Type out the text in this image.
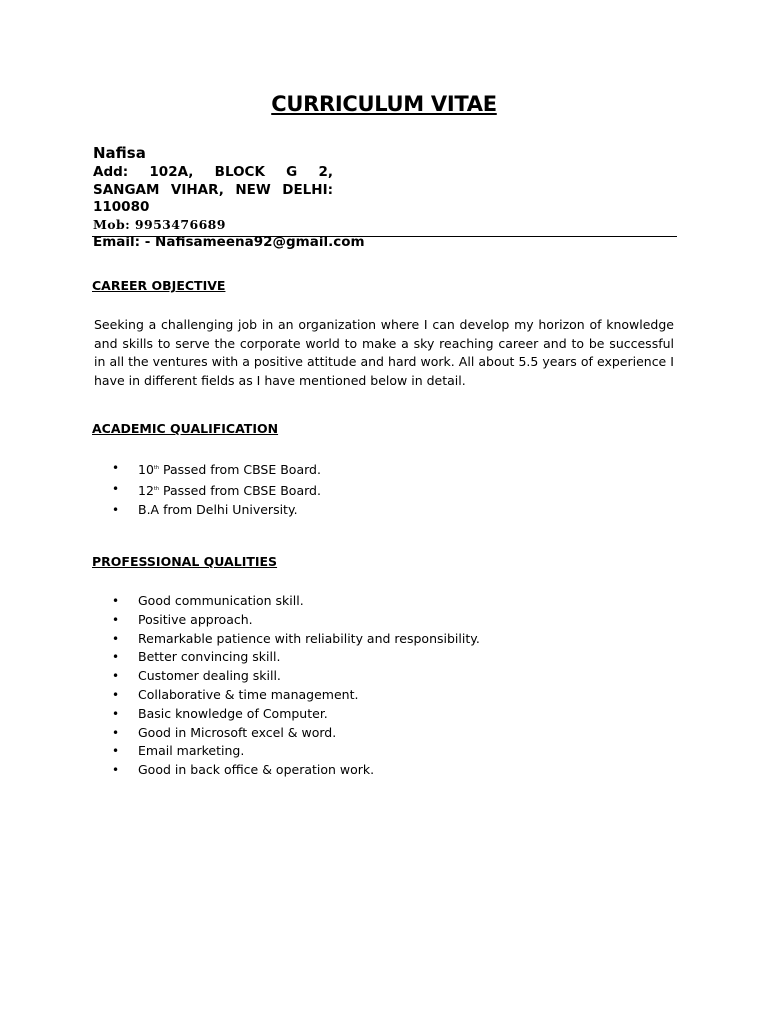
CURRICULUM VITAE
Nafisa
Add: 102A, BLOCK G 2, SANGAM VIHAR, NEW DELHI: 110080
Mob: 9953476689
Email: - Nafisameena92@gmail.com
CAREER OBJECTIVE
Seeking a challenging job in an organization where I can develop my horizon of knowledge and skills to serve the corporate world to make a sky reaching career and to be successful in all the ventures with a positive attitude and hard work. All about 5.5 years of experience I have in different fields as I have mentioned below in detail.
ACADEMIC QUALIFICATION
• 10th Passed from CBSE Board.
• 12th Passed from CBSE Board.
• B.A from Delhi University.
PROFESSIONAL QUALITIES
• Good communication skill.
• Positive approach.
• Remarkable patience with reliability and responsibility.
• Better convincing skill.
• Customer dealing skill.
• Collaborative & time management.
• Basic knowledge of Computer.
• Good in Microsoft excel & word.
• Email marketing.
• Good in back office & operation work.
